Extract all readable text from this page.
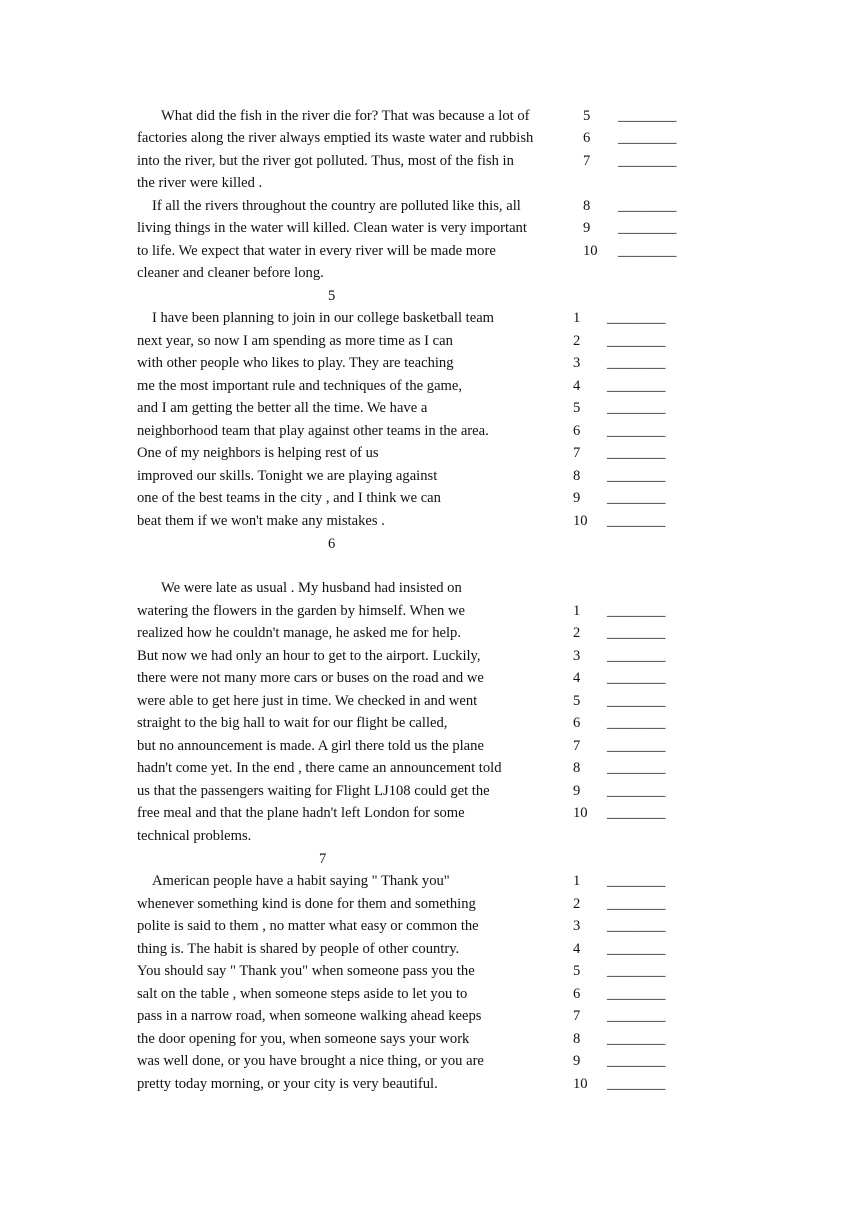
What did the fish in the river die for? That was because a lot of	5 ________
factories along the river always emptied its waste water and rubbish	6 ________
into the river, but the river got polluted. Thus, most of the fish in	7 ________
the river were killed .
If all the rivers throughout the country are polluted like this, all	8 ________
living things in the water will killed. Clean water is very important	9 ________
to life. We expect that water in every river will be made more	10 ________
cleaner and cleaner before long.
5
I have been planning to join in our college basketball team	1 ________
next year, so now I am spending as more time as I can	2 ________
with other people who likes to play. They are teaching	3 ________
me the most important rule and techniques of the game,	4 ________
and I am getting the better all the time. We have a	5 ________
neighborhood team that play against other teams in the area.	6 ________
One of my neighbors is helping rest of us	7 ________
improved our skills. Tonight we are playing against	8 ________
one of the best teams in the city , and I think we can	9 ________
beat them if we won't make any mistakes .	10 ________
6
We were late as usual . My husband had insisted on
watering the flowers in the garden by himself. When we	1 ________
realized how he couldn't manage, he asked me for help.	2 ________
But now we had only an hour to get to the airport. Luckily,	3 ________
there were not many more cars or buses on the road and we	4 ________
were able to get here just in time. We checked in and went	5 ________
straight to the big hall to wait for our flight be called,	6 ________
but no announcement is made. A girl there told us the plane	7 ________
hadn't come yet. In the end , there came an announcement told	8 ________
us that the passengers waiting for Flight LJ108 could get the	9 ________
free meal and that the plane hadn't left London for some	10 ________
technical problems.
7
American people have a habit saying " Thank you"	1 ________
whenever something kind is done for them and something	2 ________
polite is said to them , no matter what easy or common the	3 ________
thing is. The habit is shared by people of other country.	4 ________
You should say " Thank you" when someone pass you the	5 ________
salt on the table , when someone steps aside to let you to	6 ________
pass in a narrow road, when someone walking ahead keeps	7 ________
the door opening for you, when someone says your work	8 ________
was well done, or you have brought a nice thing, or you are	9 ________
pretty today morning, or your city is very beautiful.	10 ________
